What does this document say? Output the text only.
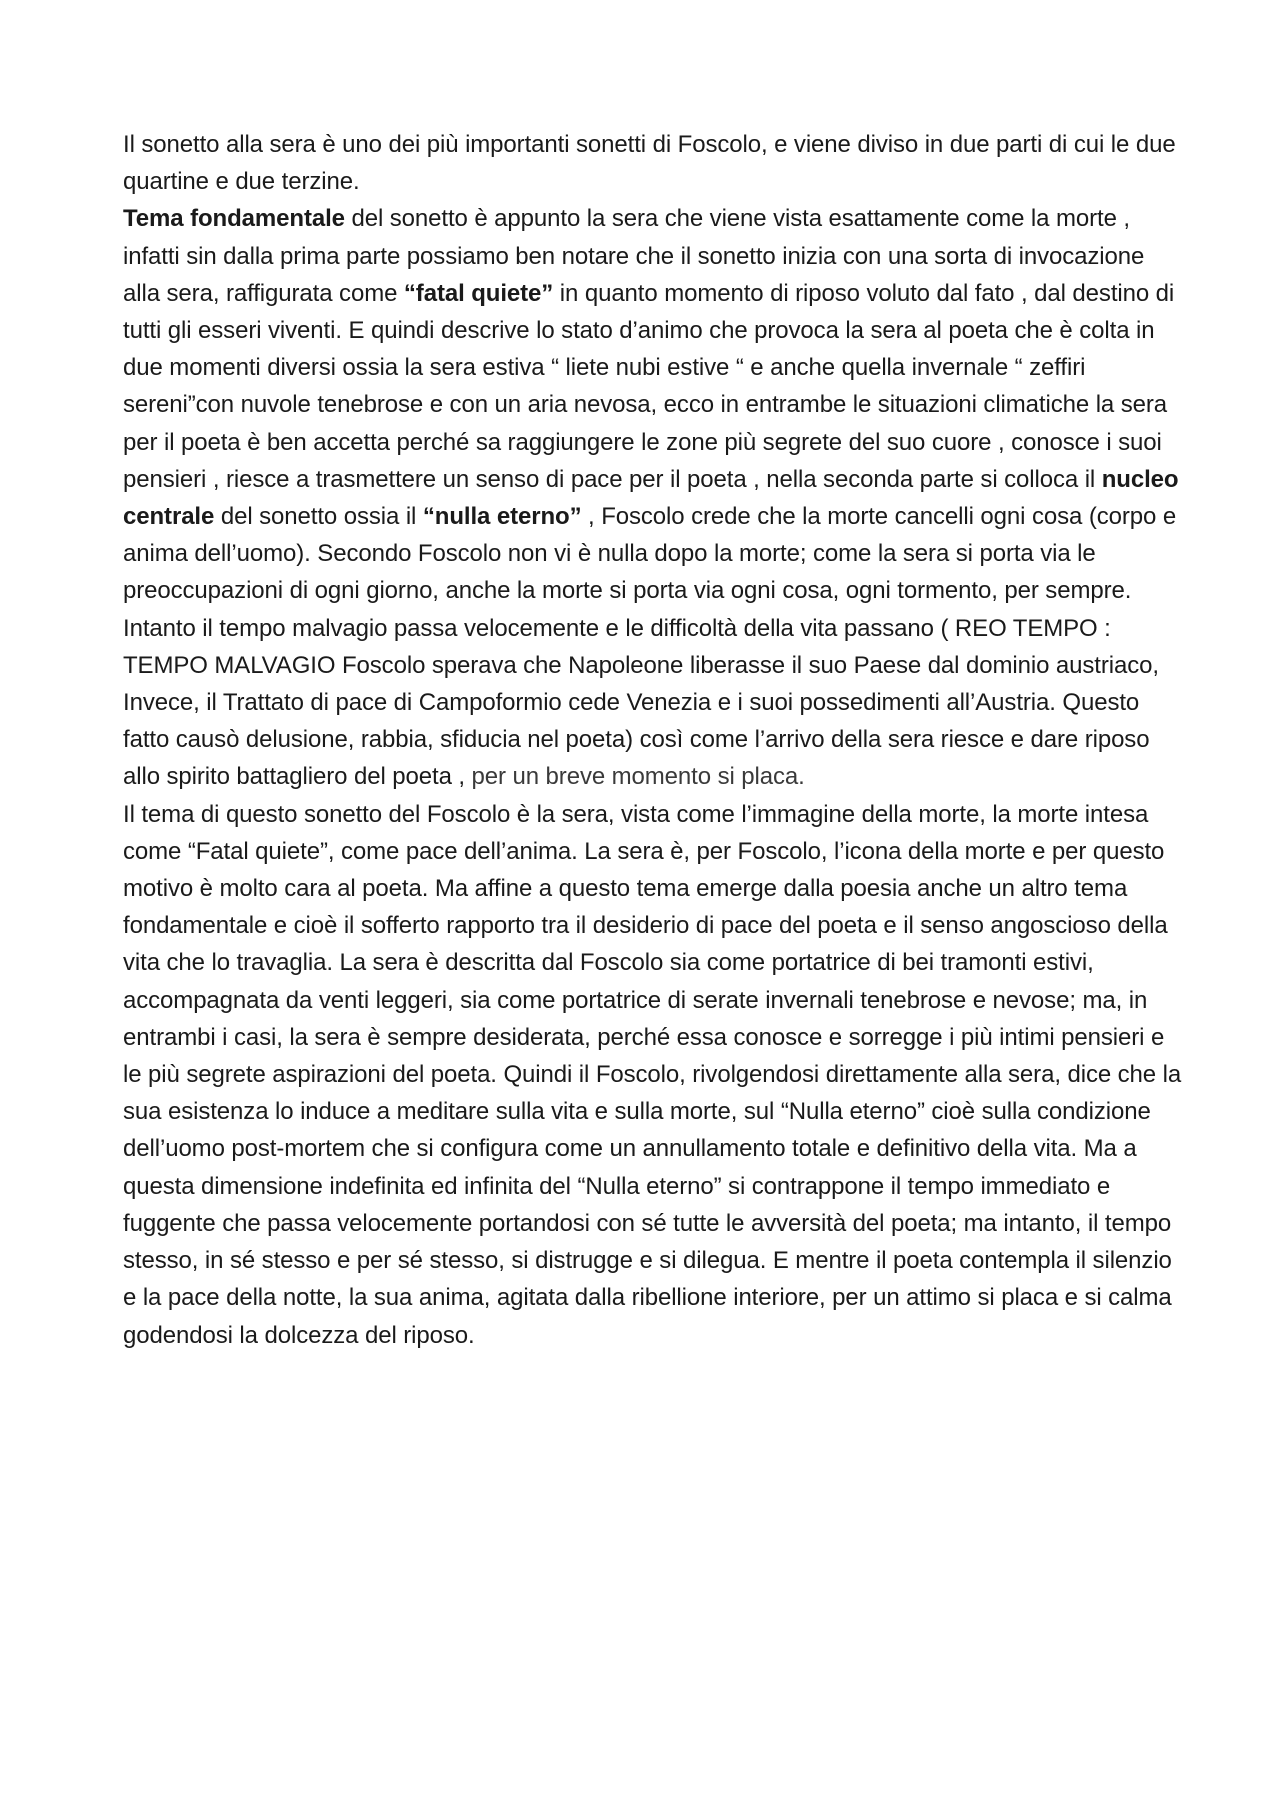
Il sonetto alla sera è uno dei più importanti sonetti di Foscolo, e viene diviso in due parti di cui le due quartine e due terzine.

Tema fondamentale del sonetto è appunto la sera che viene vista esattamente come la morte , infatti sin dalla prima parte possiamo ben notare che il sonetto inizia con una sorta di invocazione alla sera, raffigurata come “fatal quiete” in quanto momento di riposo voluto dal fato , dal destino di tutti gli esseri viventi. E quindi descrive lo stato d’animo che provoca la sera al poeta che è colta in due momenti diversi ossia la sera estiva “ liete nubi estive “ e anche quella invernale “ zeffiri sereni”con nuvole tenebrose e con un aria nevosa, ecco in entrambe le situazioni climatiche la sera per il poeta è ben accetta perché sa raggiungere le zone più segrete del suo cuore , conosce i suoi pensieri , riesce a trasmettere un senso di pace per il poeta , nella seconda parte si colloca il nucleo centrale del sonetto ossia il “nulla eterno” , Foscolo crede che la morte cancelli ogni cosa (corpo e anima dell’uomo). Secondo Foscolo non vi è nulla dopo la morte; come la sera si porta via le preoccupazioni di ogni giorno, anche la morte si porta via ogni cosa, ogni tormento, per sempre. Intanto il tempo malvagio passa velocemente e le difficoltà della vita passano ( REO TEMPO : TEMPO MALVAGIO Foscolo sperava che Napoleone liberasse il suo Paese dal dominio austriaco, Invece, il Trattato di pace di Campoformio cede Venezia e i suoi possedimenti all’Austria. Questo fatto causò delusione, rabbia, sfiducia nel poeta) così come l’arrivo della sera riesce e dare riposo allo spirito battagliero del poeta , per un breve momento si placa.

Il tema di questo sonetto del Foscolo è la sera, vista come l’immagine della morte, la morte intesa come “Fatal quiete”, come pace dell’anima. La sera è, per Foscolo, l’icona della morte e per questo motivo è molto cara al poeta. Ma affine a questo tema emerge dalla poesia anche un altro tema fondamentale e cioè il sofferto rapporto tra il desiderio di pace del poeta e il senso angoscioso della vita che lo travaglia. La sera è descritta dal Foscolo sia come portatrice di bei tramonti estivi, accompagnata da venti leggeri, sia come portatrice di serate invernali tenebrose e nevose; ma, in entrambi i casi, la sera è sempre desiderata, perché essa conosce e sorregge i più intimi pensieri e le più segrete aspirazioni del poeta. Quindi il Foscolo, rivolgendosi direttamente alla sera, dice che la sua esistenza lo induce a meditare sulla vita e sulla morte, sul “Nulla eterno” cioè sulla condizione dell’uomo post-mortem che si configura come un annullamento totale e definitivo della vita. Ma a questa dimensione indefinita ed infinita del “Nulla eterno” si contrappone il tempo immediato e fuggente che passa velocemente portandosi con sé tutte le avversità del poeta; ma intanto, il tempo stesso, in sé stesso e per sé stesso, si distrugge e si dilegua. E mentre il poeta contempla il silenzio e la pace della notte, la sua anima, agitata dalla ribellione interiore, per un attimo si placa e si calma godendosi la dolcezza del riposo.
